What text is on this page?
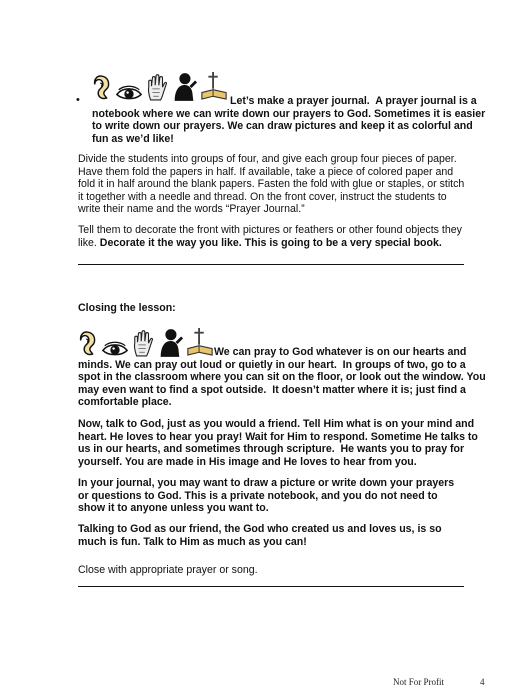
•	Let’s make a prayer journal.  A prayer journal is a

notebook where we can write down our prayers to God. Sometimes it is easier
to write down our prayers. We can draw pictures and keep it as colorful and
fun as we’d like!

Divide the students into groups of four, and give each group four pieces of paper.
Have them fold the papers in half. If available, take a piece of colored paper and
fold it in half around the blank papers. Fasten the fold with glue or staples, or stitch
it together with a needle and thread. On the front cover, instruct the students to
write their name and the words “Prayer Journal.”

Tell them to decorate the front with pictures or feathers or other found objects they
like. Decorate it the way you like. This is going to be a very special book.

Closing the lesson:

We can pray to God whatever is on our hearts and

minds. We can pray out loud or quietly in our heart.  In groups of two, go to a
spot in the classroom where you can sit on the floor, or look out the window. You
may even want to find a spot outside.  It doesn’t matter where it is; just find a
comfortable place.

Now, talk to God, just as you would a friend. Tell Him what is on your mind and
heart. He loves to hear you pray! Wait for Him to respond. Sometime He talks to
us in our hearts, and sometimes through scripture.  He wants you to pray for
yourself. You are made in His image and He loves to hear from you.

In your journal, you may want to draw a picture or write down your prayers
or questions to God. This is a private notebook, and you do not need to
show it to anyone unless you want to.

Talking to God as our friend, the God who created us and loves us, is so
much is fun. Talk to Him as much as you can!

Close with appropriate prayer or song.

Not For Profit	4
